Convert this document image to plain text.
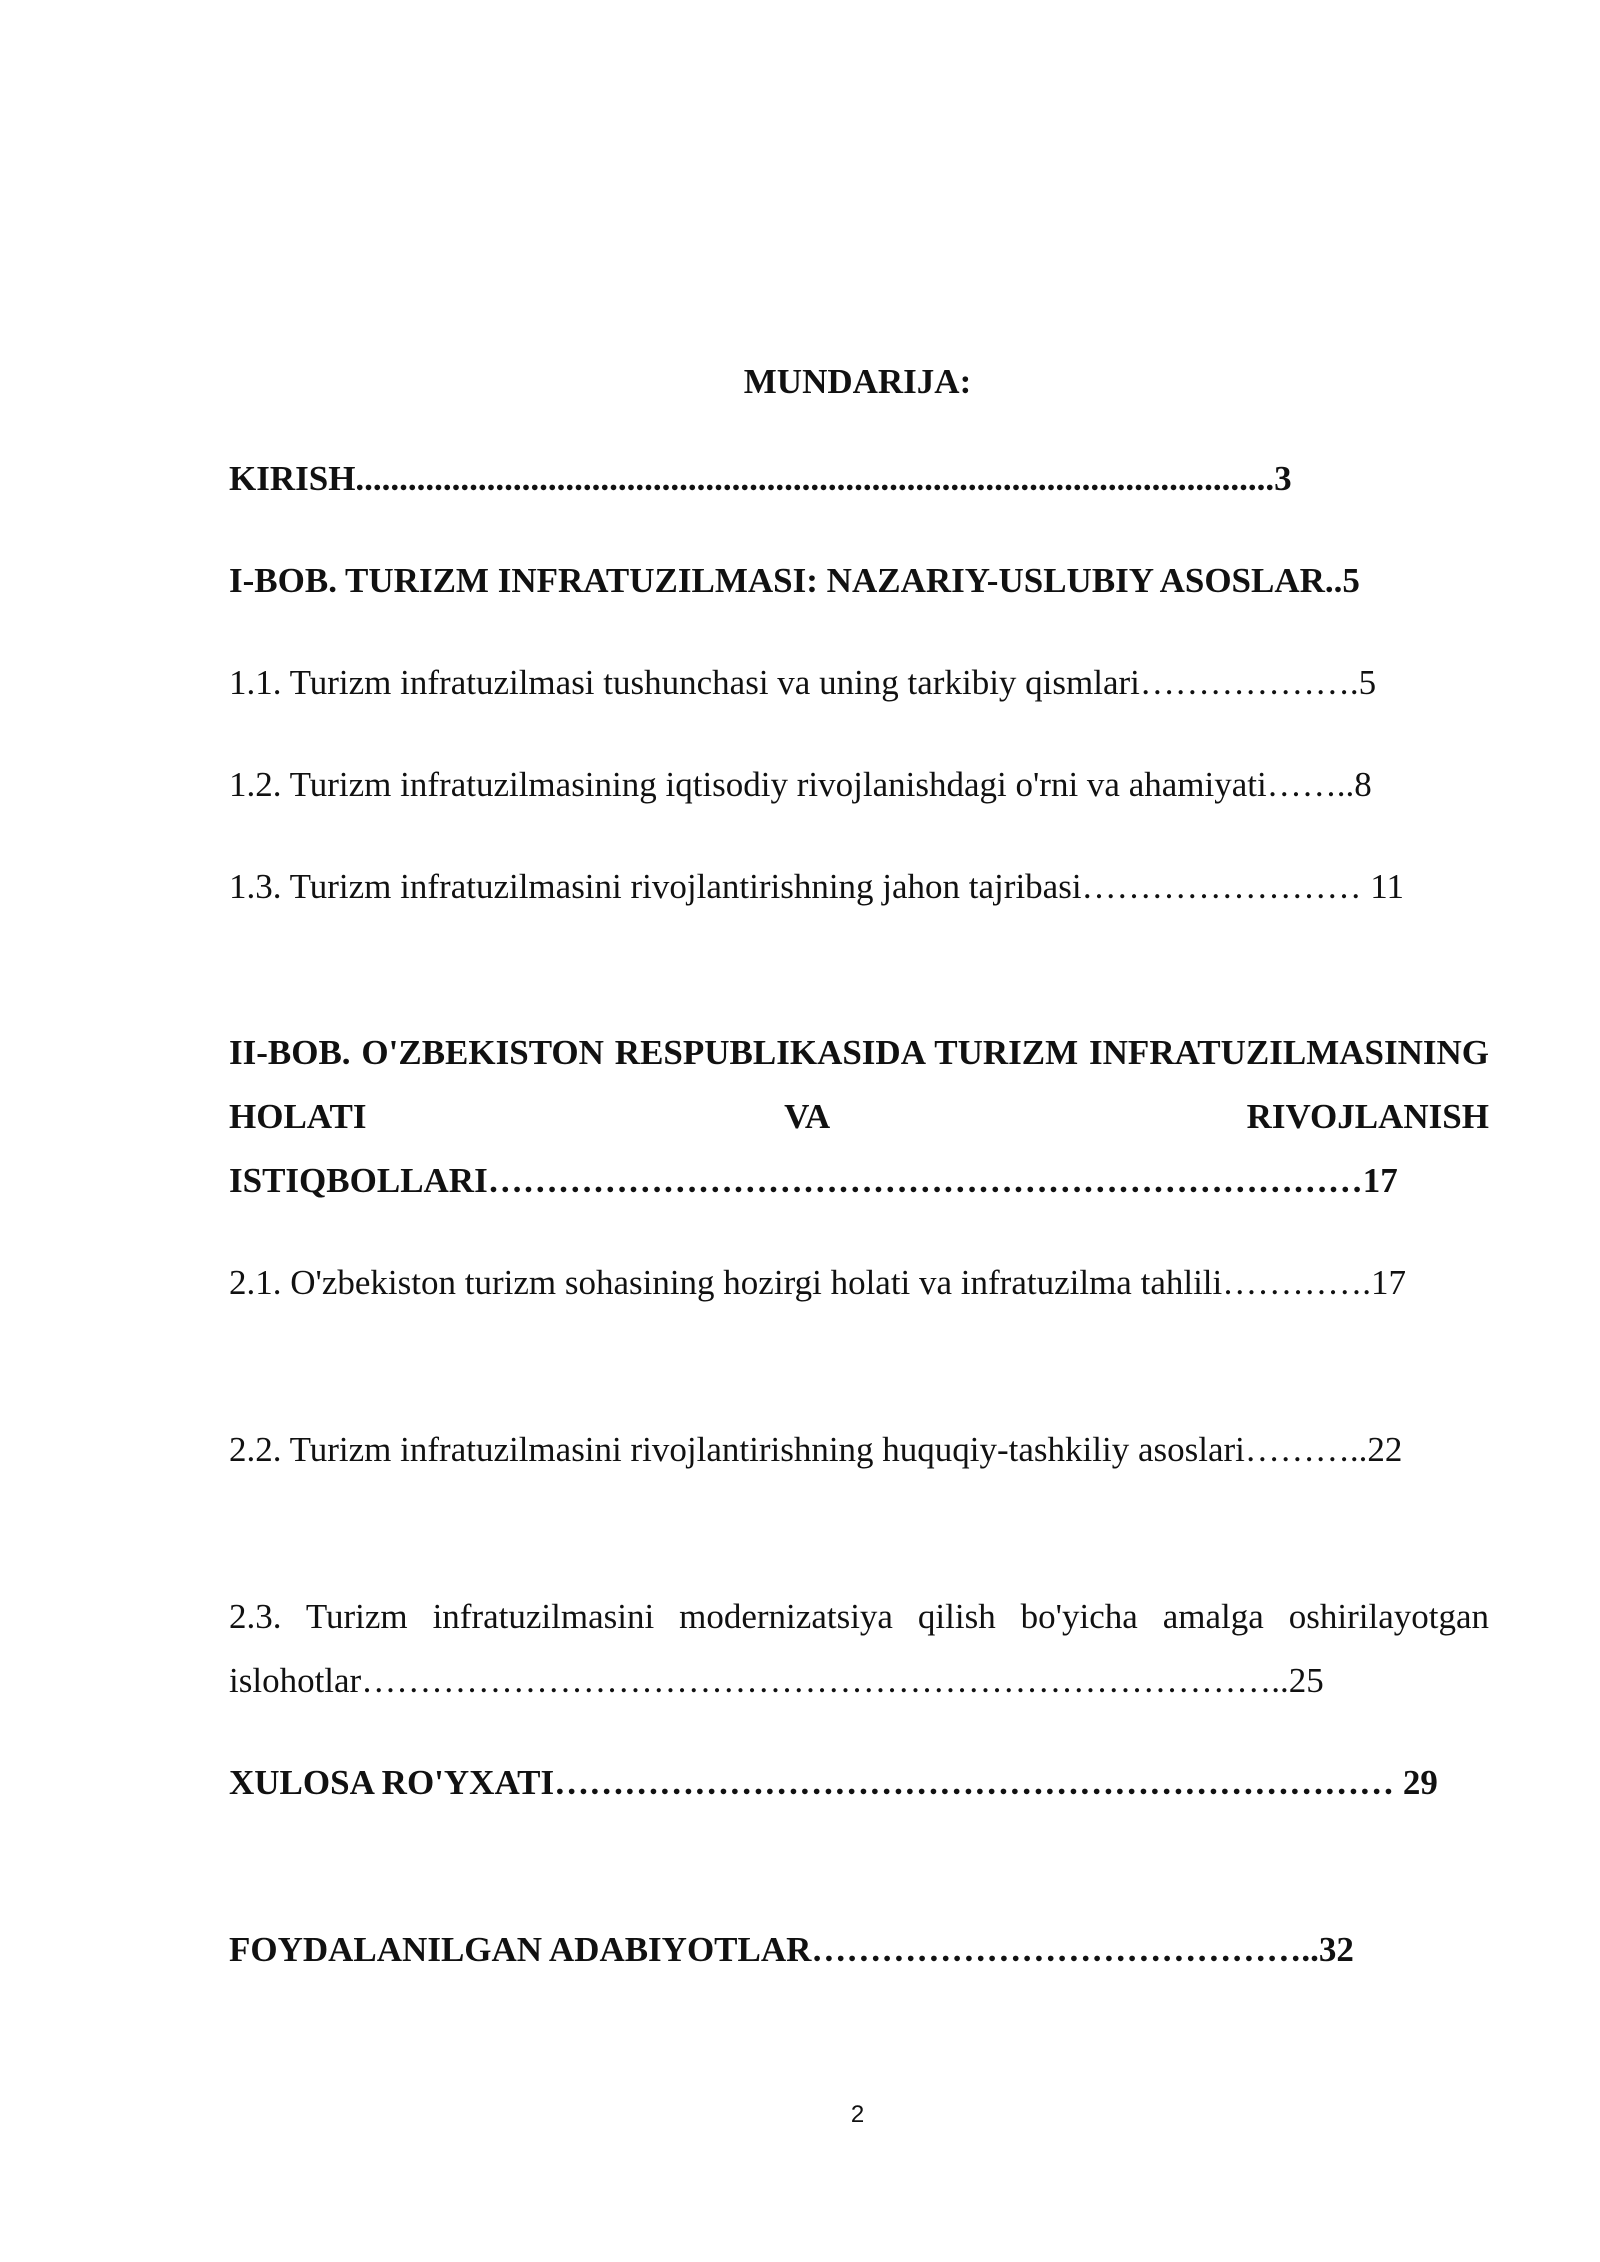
MUNDARIJA:

KIRISH.........................................................................................................3

I-BOB. TURIZM INFRATUZILMASI: NAZARIY-USLUBIY ASOSLAR..5

1.1. Turizm infratuzilmasi tushunchasi va uning tarkibiy qismlari……………….5

1.2. Turizm infratuzilmasining iqtisodiy rivojlanishdagi o'rni va ahamiyati……..8

1.3. Turizm infratuzilmasini rivojlantirishning jahon tajribasi…………………… 11

II-BOB. O'ZBEKISTON RESPUBLIKASIDA TURIZM INFRATUZILMASINING HOLATI VA RIVOJLANISH ISTIQBOLLARI…………………………………………………………………17

2.1. O'zbekiston turizm sohasining hozirgi holati va infratuzilma tahlili………….17

2.2. Turizm infratuzilmasini rivojlantirishning huquqiy-tashkiliy asoslari………..22

2.3. Turizm infratuzilmasini modernizatsiya qilish bo'yicha amalga oshirilayotgan islohotlar……………………………………………………………………..25

XULOSA RO'YXATI……………………………………………………………… 29

FOYDALANILGAN ADABIYOTLAR……………………………………..32

2
